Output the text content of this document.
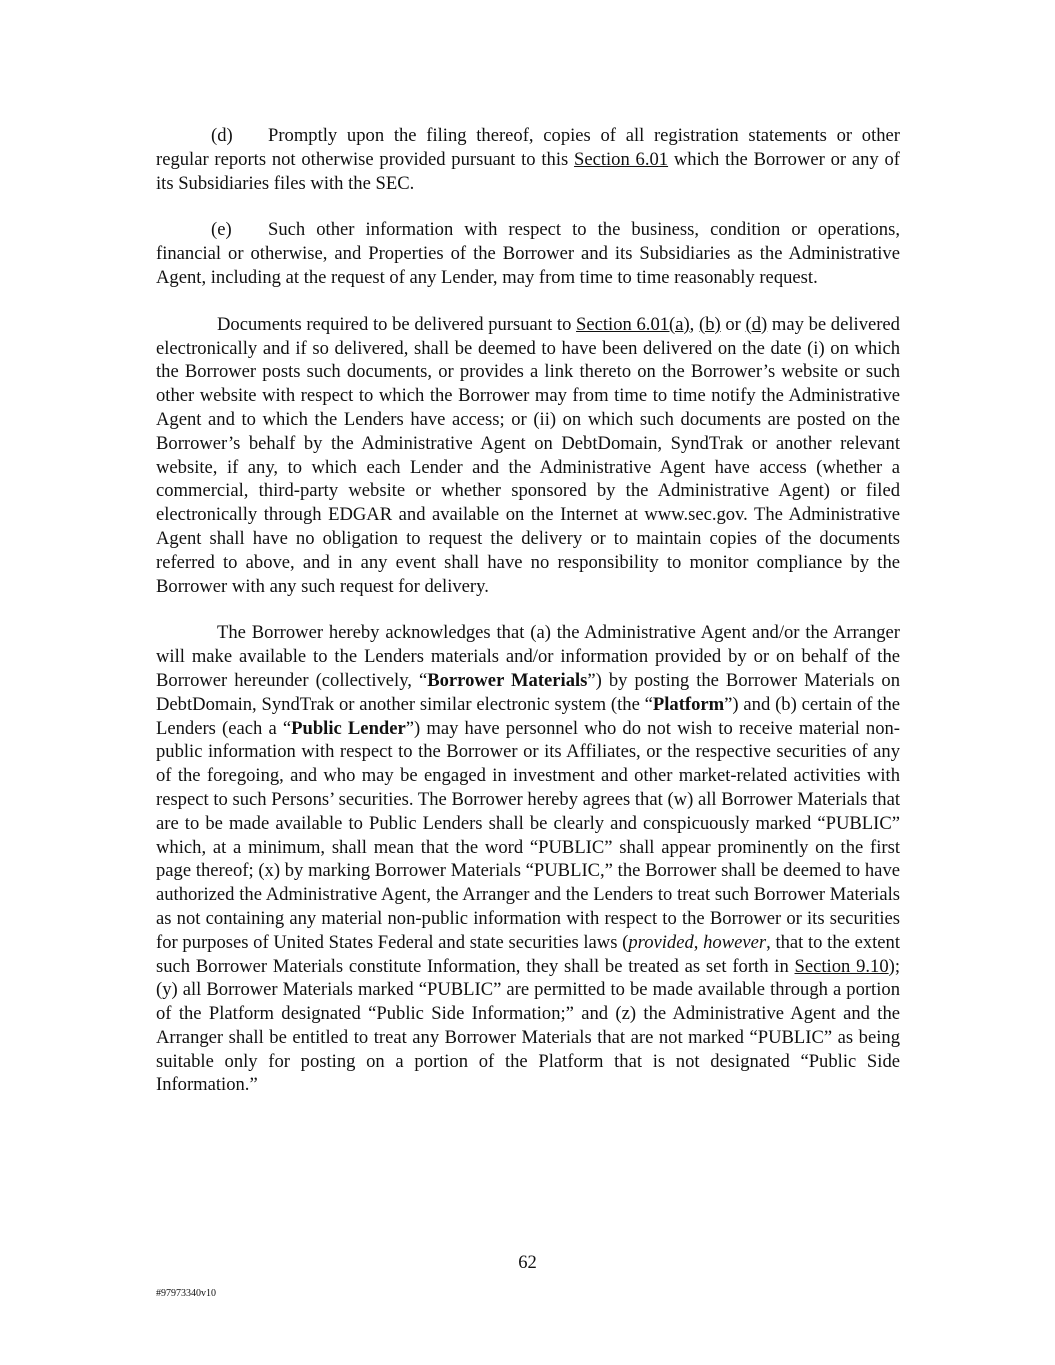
(d) Promptly upon the filing thereof, copies of all registration statements or other regular reports not otherwise provided pursuant to this Section 6.01 which the Borrower or any of its Subsidiaries files with the SEC.

(e) Such other information with respect to the business, condition or operations, financial or otherwise, and Properties of the Borrower and its Subsidiaries as the Administrative Agent, including at the request of any Lender, may from time to time reasonably request.

Documents required to be delivered pursuant to Section 6.01(a), (b) or (d) may be delivered electronically and if so delivered, shall be deemed to have been delivered on the date (i) on which the Borrower posts such documents, or provides a link thereto on the Borrower’s website or such other website with respect to which the Borrower may from time to time notify the Administrative Agent and to which the Lenders have access; or (ii) on which such documents are posted on the Borrower’s behalf by the Administrative Agent on DebtDomain, SyndTrak or another relevant website, if any, to which each Lender and the Administrative Agent have access (whether a commercial, third-party website or whether sponsored by the Administrative Agent) or filed electronically through EDGAR and available on the Internet at www.sec.gov. The Administrative Agent shall have no obligation to request the delivery or to maintain copies of the documents referred to above, and in any event shall have no responsibility to monitor compliance by the Borrower with any such request for delivery.

The Borrower hereby acknowledges that (a) the Administrative Agent and/or the Arranger will make available to the Lenders materials and/or information provided by or on behalf of the Borrower hereunder (collectively, “Borrower Materials”) by posting the Borrower Materials on DebtDomain, SyndTrak or another similar electronic system (the “Platform”) and (b) certain of the Lenders (each a “Public Lender”) may have personnel who do not wish to receive material non-public information with respect to the Borrower or its Affiliates, or the respective securities of any of the foregoing, and who may be engaged in investment and other market-related activities with respect to such Persons’ securities. The Borrower hereby agrees that (w) all Borrower Materials that are to be made available to Public Lenders shall be clearly and conspicuously marked “PUBLIC” which, at a minimum, shall mean that the word “PUBLIC” shall appear prominently on the first page thereof; (x) by marking Borrower Materials “PUBLIC,” the Borrower shall be deemed to have authorized the Administrative Agent, the Arranger and the Lenders to treat such Borrower Materials as not containing any material non-public information with respect to the Borrower or its securities for purposes of United States Federal and state securities laws (provided, however, that to the extent such Borrower Materials constitute Information, they shall be treated as set forth in Section 9.10); (y) all Borrower Materials marked “PUBLIC” are permitted to be made available through a portion of the Platform designated “Public Side Information;” and (z) the Administrative Agent and the Arranger shall be entitled to treat any Borrower Materials that are not marked “PUBLIC” as being suitable only for posting on a portion of the Platform that is not designated “Public Side Information.”

62
#97973340v10
